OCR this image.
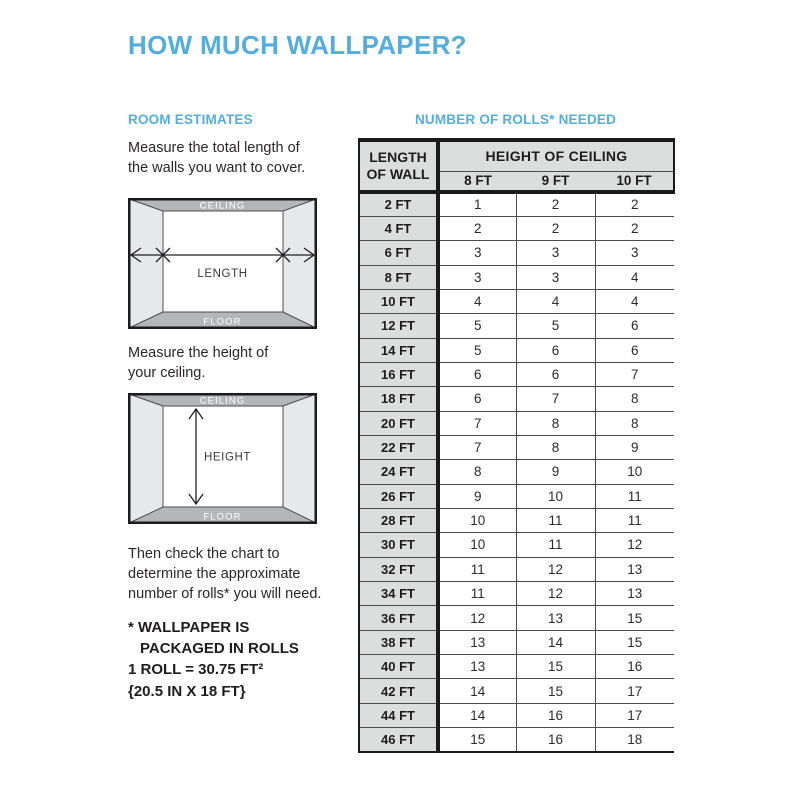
HOW MUCH WALLPAPER?
ROOM ESTIMATES

Measure the total length of
the walls you want to cover.

CEILING
FLOOR
LENGTH

Measure the height of
your ceiling.

CEILING
FLOOR
HEIGHT

Then check the chart to
determine the approximate
number of rolls* you will need.

* WALLPAPER IS
PACKAGED IN ROLLS
1 ROLL = 30.75 FT²
{20.5 IN X 18 FT}
NUMBER OF ROLLS* NEEDED
LENGTH
OF WALL	HEIGHT OF CEILING		
	8 FT	9 FT	10 FT
2 FT	1	2	2
4 FT	2	2	2
6 FT	3	3	3
8 FT	3	3	4
10 FT	4	4	4
12 FT	5	5	6
14 FT	5	6	6
16 FT	6	6	7
18 FT	6	7	8
20 FT	7	8	8
22 FT	7	8	9
24 FT	8	9	10
26 FT	9	10	11
28 FT	10	11	11
30 FT	10	11	12
32 FT	11	12	13
34 FT	11	12	13
36 FT	12	13	15
38 FT	13	14	15
40 FT	13	15	16
42 FT	14	15	17
44 FT	14	16	17
46 FT	15	16	18
